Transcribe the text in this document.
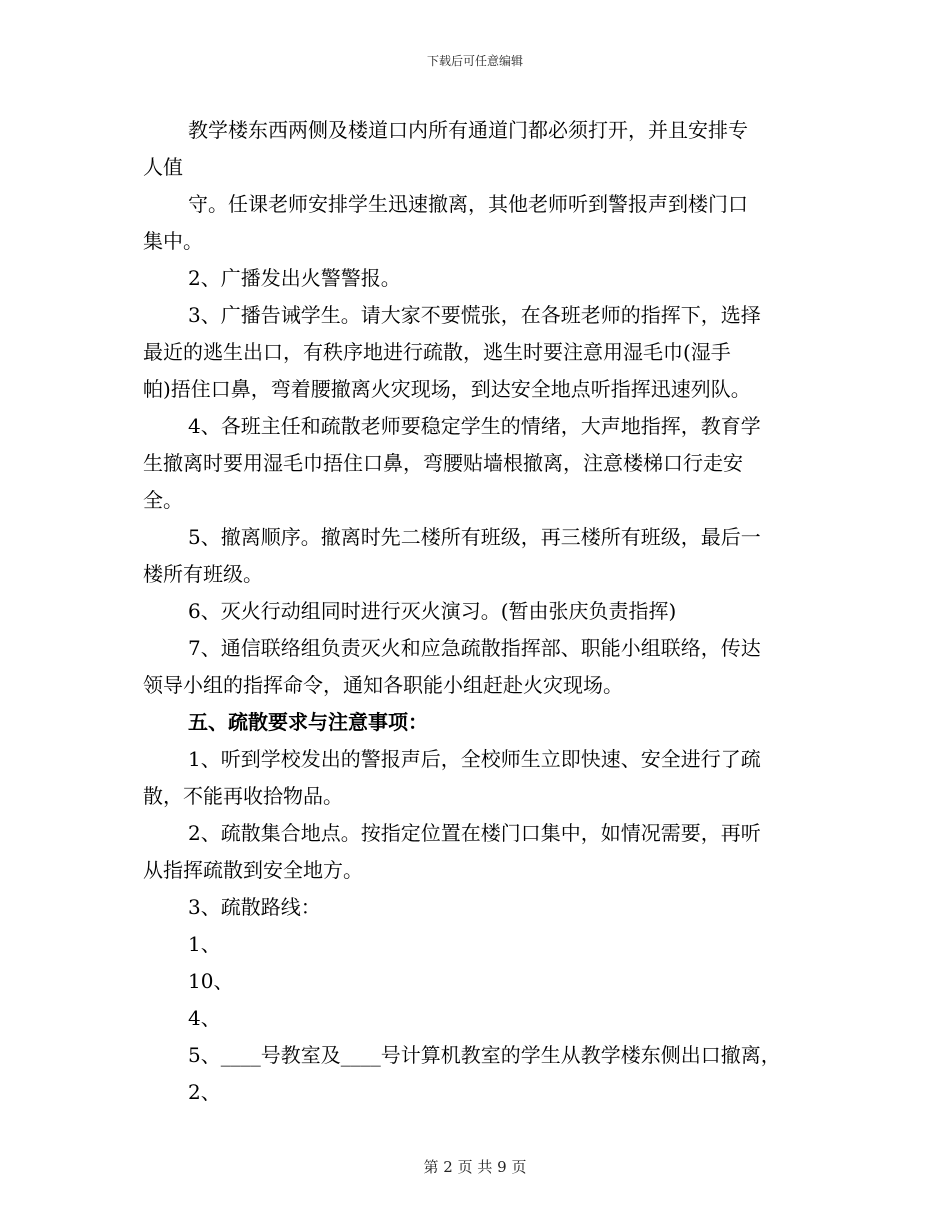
下载后可任意编辑
教学楼东西两侧及楼道口内所有通道门都必须打开，并且安排专
人值
守。任课老师安排学生迅速撤离，其他老师听到警报声到楼门口
集中。
2、广播发出火警警报。
3、广播告诫学生。请大家不要慌张，在各班老师的指挥下，选择
最近的逃生出口，有秩序地进行疏散，逃生时要注意用湿毛巾(湿手
帕)捂住口鼻，弯着腰撤离火灾现场，到达安全地点听指挥迅速列队。
4、各班主任和疏散老师要稳定学生的情绪，大声地指挥，教育学
生撤离时要用湿毛巾捂住口鼻，弯腰贴墙根撤离，注意楼梯口行走安
全。
5、撤离顺序。撤离时先二楼所有班级，再三楼所有班级，最后一
楼所有班级。
6、灭火行动组同时进行灭火演习。(暂由张庆负责指挥)
7、通信联络组负责灭火和应急疏散指挥部、职能小组联络，传达
领导小组的指挥命令，通知各职能小组赶赴火灾现场。
五、疏散要求与注意事项：
1、听到学校发出的警报声后，全校师生立即快速、安全进行了疏
散，不能再收拾物品。
2、疏散集合地点。按指定位置在楼门口集中，如情况需要，再听
从指挥疏散到安全地方。
3、疏散路线：
1、
10、
4、
5、____号教室及____号计算机教室的学生从教学楼东侧出口撤离，
2、
第 2 页 共 9 页
